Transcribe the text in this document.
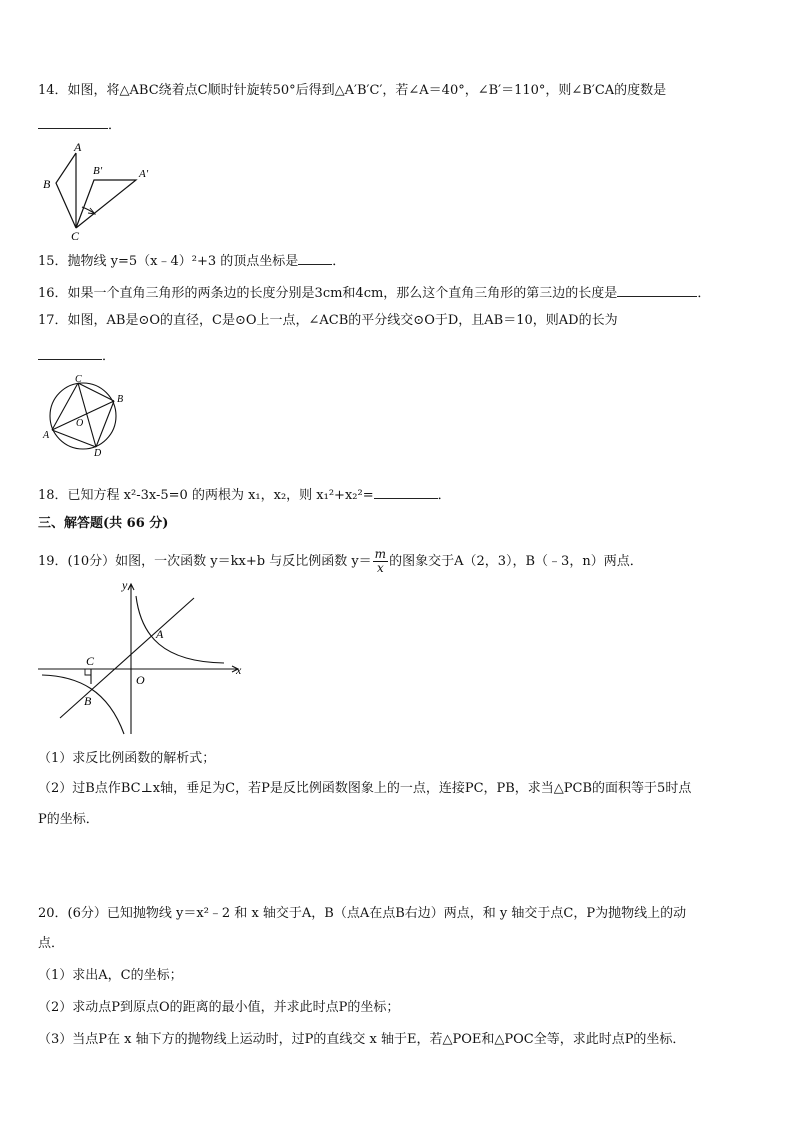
14．如图，将△ABC绕着点C顺时针旋转50°后得到△A′B′C′，若∠A＝40°，∠B′＝110°，则∠B′CA的度数是
．
A
B
C
B′	A′
15．抛物线 y=5（x﹣4）²+3 的顶点坐标是	．
16．如果一个直角三角形的两条边的长度分别是3cm和4cm，那么这个直角三角形的第三边的长度是	．
17．如图，AB是⊙O的直径，C是⊙O上一点，∠ACB的平分线交⊙O于D，且AB＝10，则AD的长为
．
C
B
A
O
D
18．已知方程 x²-3x-5=0 的两根为 x₁，x₂，则 x₁²+x₂²=	．
三、解答题(共 66 分)
19．(10分）如图，一次函数 y＝kx+b 与反比例函数 $y= \frac{m}{x}$ 的图象交于A（2，3），B（﹣3，n）两点．
y
x
O
A
B
C
（1）求反比例函数的解析式；
（2）过B点作BC⊥x轴，垂足为C，若P是反比例函数图象上的一点，连接PC，PB，求当△PCB的面积等于5时点
P的坐标．
20．(6分）已知抛物线 y＝x²﹣2 和 x 轴交于A，B（点A在点B右边）两点，和 y 轴交于点C，P为抛物线上的动
点．
（1）求出A，C的坐标；
（2）求动点P到原点O的距离的最小值，并求此时点P的坐标；
（3）当点P在 x 轴下方的抛物线上运动时，过P的直线交 x 轴于E，若△POE和△POC全等，求此时点P的坐标．
